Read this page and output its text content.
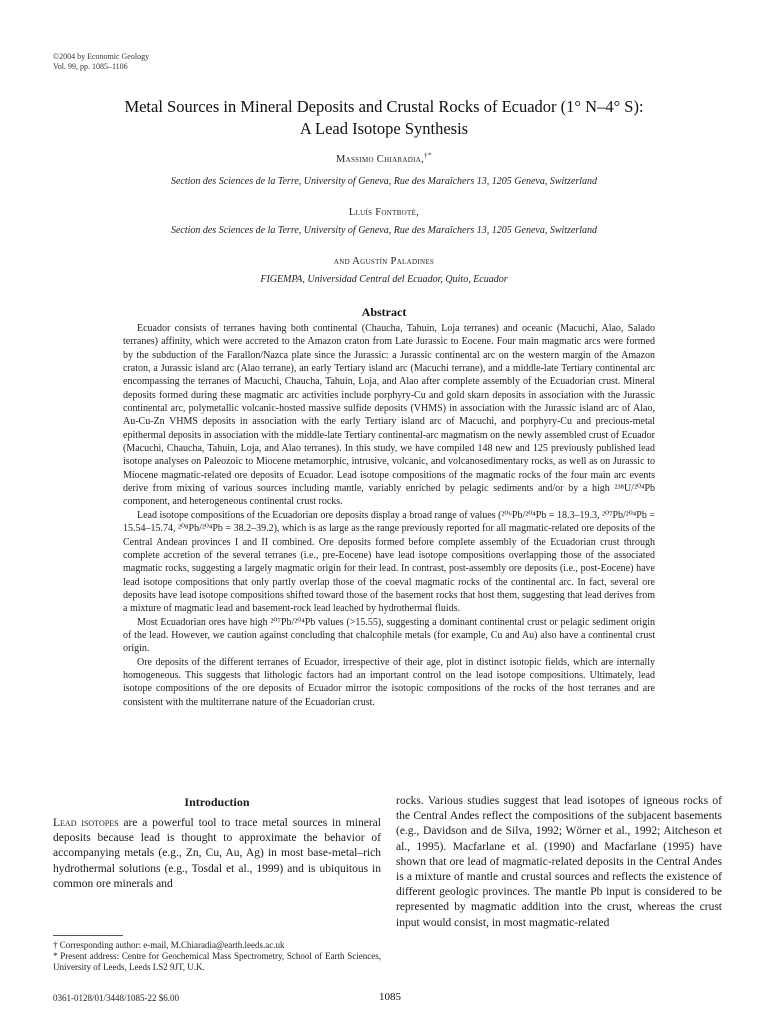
©2004 by Economic Geology
Vol. 99, pp. 1085–1106
Metal Sources in Mineral Deposits and Crustal Rocks of Ecuador (1° N–4° S):
A Lead Isotope Synthesis
Massimo Chiaradia,†*
Section des Sciences de la Terre, University of Geneva, Rue des Maraîchers 13, 1205 Geneva, Switzerland
Lluís Fontboté,
Section des Sciences de la Terre, University of Geneva, Rue des Maraîchers 13, 1205 Geneva, Switzerland
and Agustín Paladines
FIGEMPA, Universidad Central del Ecuador, Quito, Ecuador
Abstract

Ecuador consists of terranes having both continental (Chaucha, Tahuin, Loja terranes) and oceanic (Macuchi, Alao, Salado terranes) affinity, which were accreted to the Amazon craton from Late Jurassic to Eocene. Four main magmatic arcs were formed by the subduction of the Farallon/Nazca plate since the Jurassic: a Jurassic continental arc on the western margin of the Amazon craton, a Jurassic island arc (Alao terrane), an early Tertiary island arc (Macuchi terrane), and a middle-late Tertiary continental arc encompassing the terranes of Macuchi, Chaucha, Tahuin, Loja, and Alao after complete assembly of the Ecuadorian crust. Mineral deposits formed during these magmatic arc activities include porphyry-Cu and gold skarn deposits in association with the Jurassic continental arc, polymetallic volcanic-hosted massive sulfide deposits (VHMS) in association with the Jurassic island arc of Alao, Au-Cu-Zn VHMS deposits in association with the early Tertiary island arc of Macuchi, and porphyry-Cu and precious-metal epithermal deposits in association with the middle-late Tertiary continental-arc magmatism on the newly assembled crust of Ecuador (Macuchi, Chaucha, Tahuin, Loja, and Alao terranes). In this study, we have compiled 148 new and 125 previously published lead isotope analyses on Paleozoic to Miocene metamorphic, intrusive, volcanic, and volcanosedimentary rocks, as well as on Jurassic to Miocene magmatic-related ore deposits of Ecuador. Lead isotope compositions of the magmatic rocks of the four main arc events derive from mixing of various sources including mantle, variably enriched by pelagic sediments and/or by a high ²³⁸U/²⁰⁴Pb component, and heterogeneous continental crust rocks.

Lead isotope compositions of the Ecuadorian ore deposits display a broad range of values (²⁰⁶Pb/²⁰⁴Pb = 18.3–19.3, ²⁰⁷Pb/²⁰⁴Pb = 15.54–15.74, ²⁰⁸Pb/²⁰⁴Pb = 38.2–39.2), which is as large as the range previously reported for all magmatic-related ore deposits of the Central Andean provinces I and II combined. Ore deposits formed before complete assembly of the Ecuadorian crust through complete accretion of the several terranes (i.e., pre-Eocene) have lead isotope compositions overlapping those of the associated magmatic rocks, suggesting a largely magmatic origin for their lead. In contrast, post-assembly ore deposits (i.e., post-Eocene) have lead isotope compositions that only partly overlap those of the coeval magmatic rocks of the continental arc. In fact, several ore deposits have lead isotope compositions shifted toward those of the basement rocks that host them, suggesting that lead derives from a mixture of magmatic lead and basement-rock lead leached by hydrothermal fluids.

Most Ecuadorian ores have high ²⁰⁷Pb/²⁰⁴Pb values (>15.55), suggesting a dominant continental crust or pelagic sediment origin of the lead. However, we caution against concluding that chalcophile metals (for example, Cu and Au) also have a continental crust origin.

Ore deposits of the different terranes of Ecuador, irrespective of their age, plot in distinct isotopic fields, which are internally homogeneous. This suggests that lithologic factors had an important control on the lead isotope compositions. Ultimately, lead isotope compositions of the ore deposits of Ecuador mirror the isotopic compositions of the rocks of the host terranes and are consistent with the multiterrane nature of the Ecuadorian crust.

Introduction

Lead isotopes are a powerful tool to trace metal sources in mineral deposits because lead is thought to approximate the behavior of accompanying metals (e.g., Zn, Cu, Au, Ag) in most base-metal–rich hydrothermal solutions (e.g., Tosdal et al., 1999) and is ubiquitous in common ore minerals and

rocks. Various studies suggest that lead isotopes of igneous rocks of the Central Andes reflect the compositions of the subjacent basements (e.g., Davidson and de Silva, 1992; Wörner et al., 1992; Aitcheson et al., 1995). Macfarlane et al. (1990) and Macfarlane (1995) have shown that ore lead of magmatic-related deposits in the Central Andes is a mixture of mantle and crustal sources and reflects the existence of different geologic provinces. The mantle Pb input is considered to be represented by magmatic addition into the crust, whereas the crust input would consist, in most magmatic-related

† Corresponding author: e-mail, M.Chiaradia@earth.leeds.ac.uk
* Present address: Centre for Geochemical Mass Spectrometry, School of Earth Sciences, University of Leeds, Leeds LS2 9JT, U.K.
0361-0128/01/3448/1085-22 $6.00	1085
